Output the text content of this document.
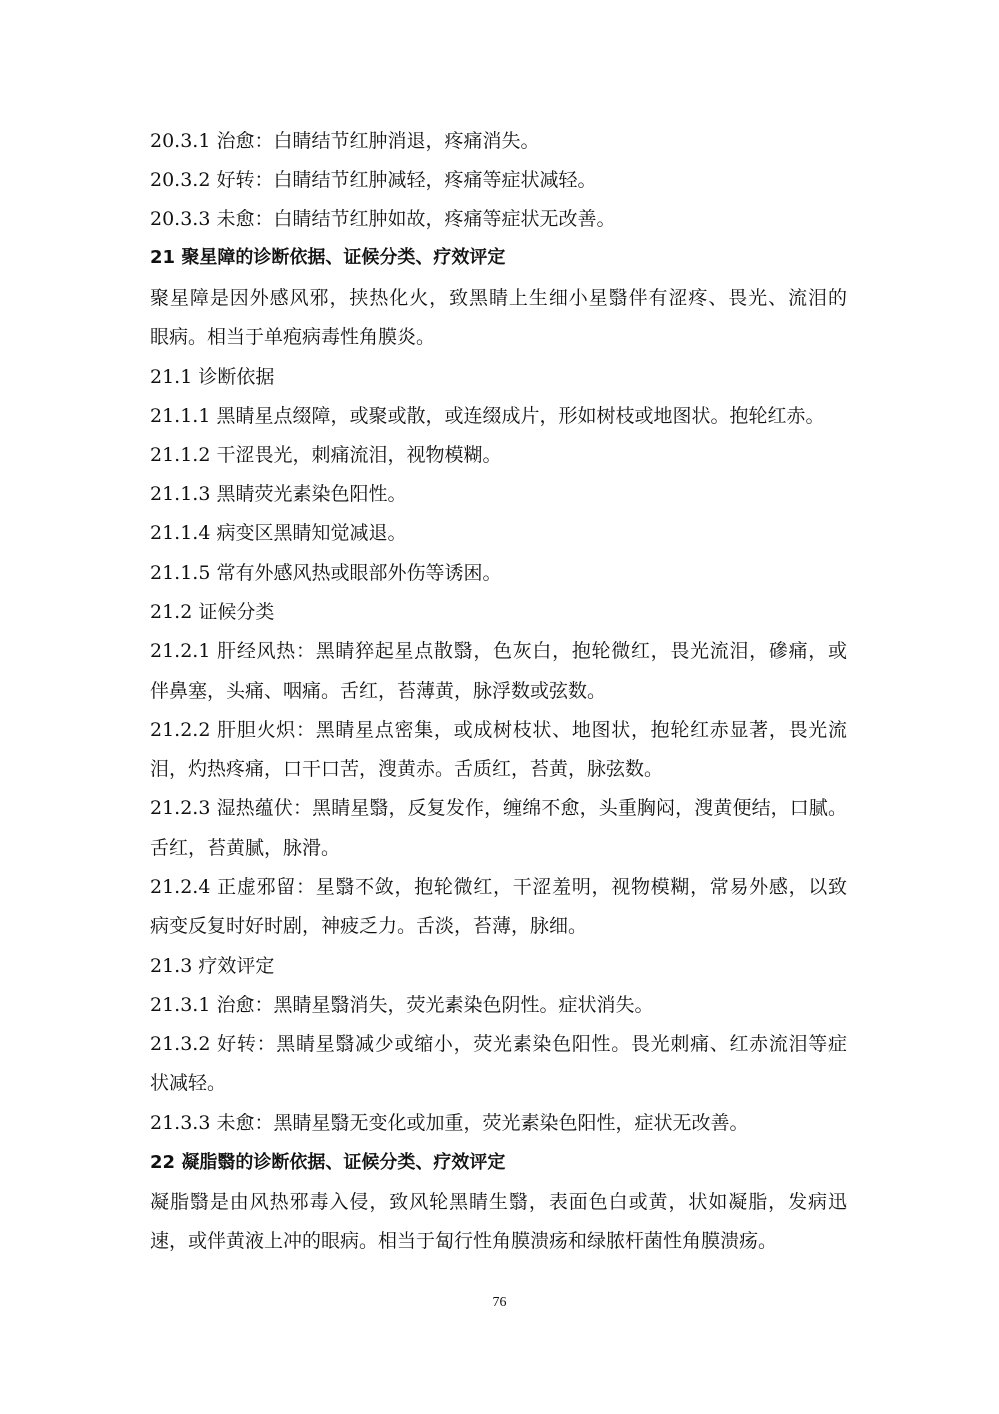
20.3.1 治愈：白睛结节红肿消退，疼痛消失。
20.3.2 好转：白睛结节红肿减轻，疼痛等症状减轻。
20.3.3 未愈：白睛结节红肿如故，疼痛等症状无改善。
21 聚星障的诊断依据、证候分类、疗效评定
聚星障是因外感风邪，挟热化火，致黑睛上生细小星翳伴有涩疼、畏光、流泪的
眼病。相当于单疱病毒性角膜炎。
21.1 诊断依据
21.1.1 黑睛星点缀障，或聚或散，或连缀成片，形如树枝或地图状。抱轮红赤。
21.1.2 干涩畏光，刺痛流泪，视物模糊。
21.1.3 黑睛荧光素染色阳性。
21.1.4 病变区黑睛知觉减退。
21.1.5 常有外感风热或眼部外伤等诱困。
21.2 证候分类
21.2.1 肝经风热：黑睛猝起星点散翳，色灰白，抱轮微红，畏光流泪，磣痛，或
伴鼻塞，头痛、咽痛。舌红，苔薄黄，脉浮数或弦数。
21.2.2 肝胆火炽：黑睛星点密集，或成树枝状、地图状，抱轮红赤显著，畏光流
泪，灼热疼痛，口干口苦，溲黄赤。舌质红，苔黄，脉弦数。
21.2.3 湿热蕴伏：黑睛星翳，反复发作，缠绵不愈，头重胸闷，溲黄便结，口腻。
舌红，苔黄腻，脉滑。
21.2.4 正虚邪留：星翳不敛，抱轮微红，干涩羞明，视物模糊，常易外感，以致
病变反复时好时剧，神疲乏力。舌淡，苔薄，脉细。
21.3 疗效评定
21.3.1 治愈：黑睛星翳消失，荧光素染色阴性。症状消失。
21.3.2 好转：黑睛星翳减少或缩小，荧光素染色阳性。畏光刺痛、红赤流泪等症
状减轻。
21.3.3 未愈：黑睛星翳无变化或加重，荧光素染色阳性，症状无改善。
22 凝脂翳的诊断依据、证候分类、疗效评定
凝脂翳是由风热邪毒入侵，致风轮黑睛生翳，表面色白或黄，状如凝脂，发病迅
速，或伴黄液上冲的眼病。相当于匐行性角膜溃疡和绿脓杆菌性角膜溃疡。
76
